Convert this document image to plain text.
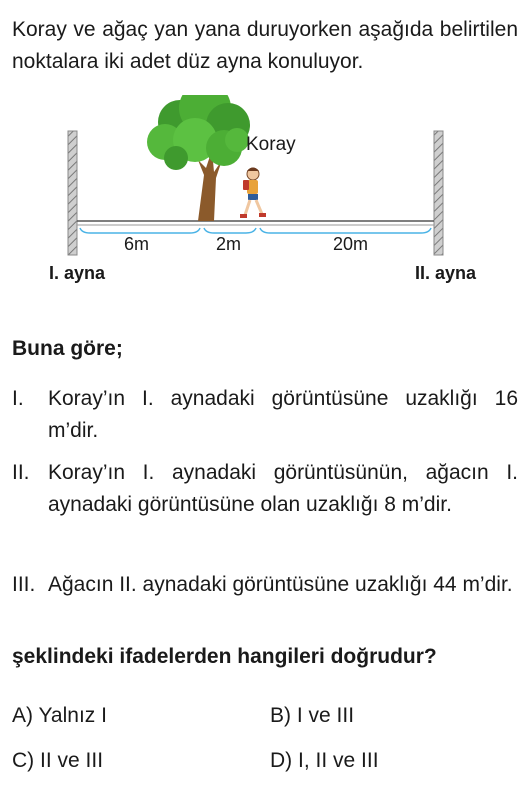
Koray ve ağaç yan yana duruyorken aşağıda belirtilen noktalara iki adet düz ayna konuluyor.
Koray
6m	2m	20m
I. ayna	II. ayna
Buna göre;
I. Koray’ın I. aynadaki görüntüsüne uzaklığı 16 m’dir.
II. Koray’ın I. aynadaki görüntüsünün, ağacın I. aynadaki görüntüsüne olan uzaklığı 8 m’dir.
III. Ağacın II. aynadaki görüntüsüne uzaklığı 44 m’dir.
şeklindeki ifadelerden hangileri doğrudur?
A) Yalnız I	B) I ve III
C) II ve III	D) I, II ve III
